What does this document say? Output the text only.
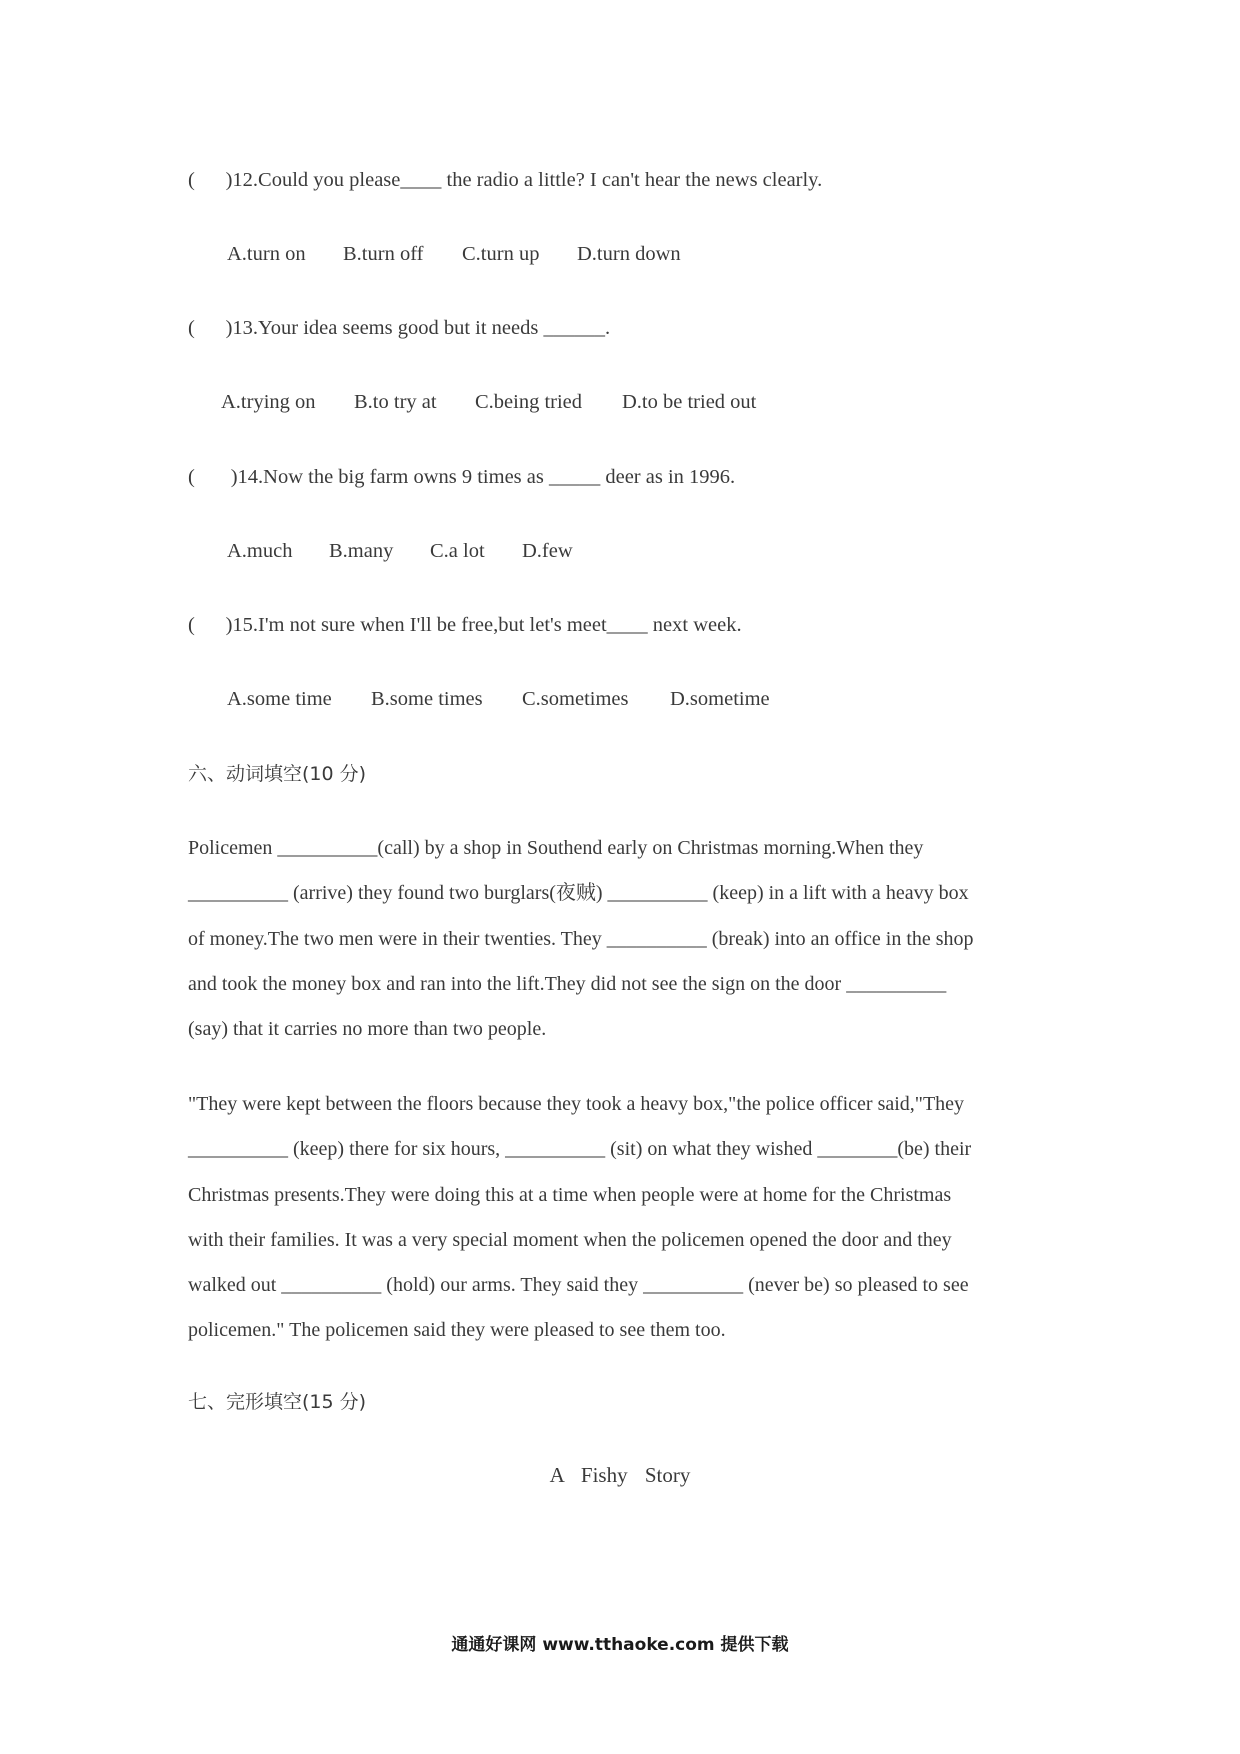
(      )12.Could you please____ the radio a little? I can't hear the news clearly.
A.turn on B.turn off C.turn up D.turn down
(      )13.Your idea seems good but it needs ______.
A.trying on B.to try at C.being tried D.to be tried out
(       )14.Now the big farm owns 9 times as _____ deer as in 1996.
A.much B.many C.a lot D.few
(      )15.I'm not sure when I'll be free,but let's meet____ next week.
A.some time B.some times C.sometimes D.sometime
六、动词填空(10 分)

Policemen __________(call) by a shop in Southend early on Christmas morning.When they

__________ (arrive) they found two burglars(夜贼) __________ (keep) in a lift with a heavy box

of money.The two men were in their twenties. They __________ (break) into an office in the shop

and took the money box and ran into the lift.They did not see the sign on the door __________

(say) that it carries no more than two people.

"They were kept between the floors because they took a heavy box,"the police officer said,"They

__________ (keep) there for six hours, __________ (sit) on what they wished ________(be) their

Christmas presents.They were doing this at a time when people were at home for the Christmas

with their families. It was a very special moment when the policemen opened the door and they

walked out __________ (hold) our arms. They said they __________ (never be) so pleased to see

policemen." The policemen said they were pleased to see them too.

七、完形填空(15 分)
A Fishy Story
通通好课网 www.tthaoke.com 提供下载
